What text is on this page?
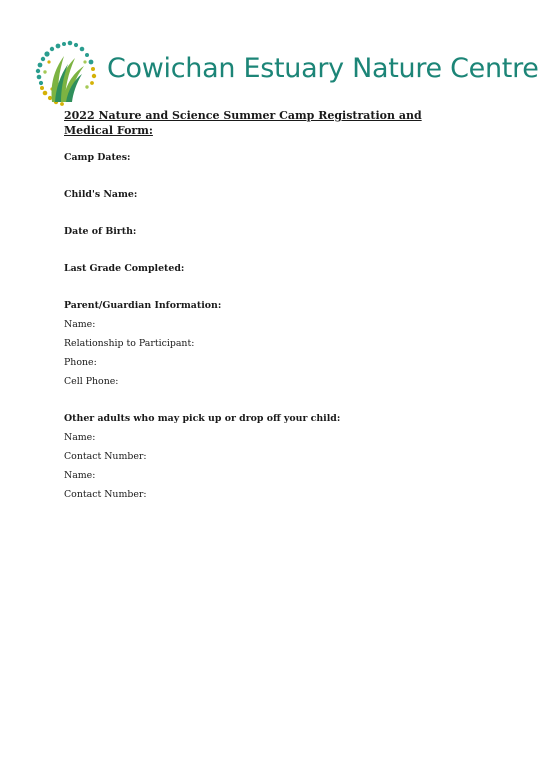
Cowichan Estuary Nature Centre
2022 Nature and Science Summer Camp Registration and Medical Form:
Camp Dates:
Child's Name:
Date of Birth:
Last Grade Completed:
Parent/Guardian Information:
Name:
Relationship to Participant:
Phone:
Cell Phone:
Other adults who may pick up or drop off your child:
Name:
Contact Number:
Name:
Contact Number:
